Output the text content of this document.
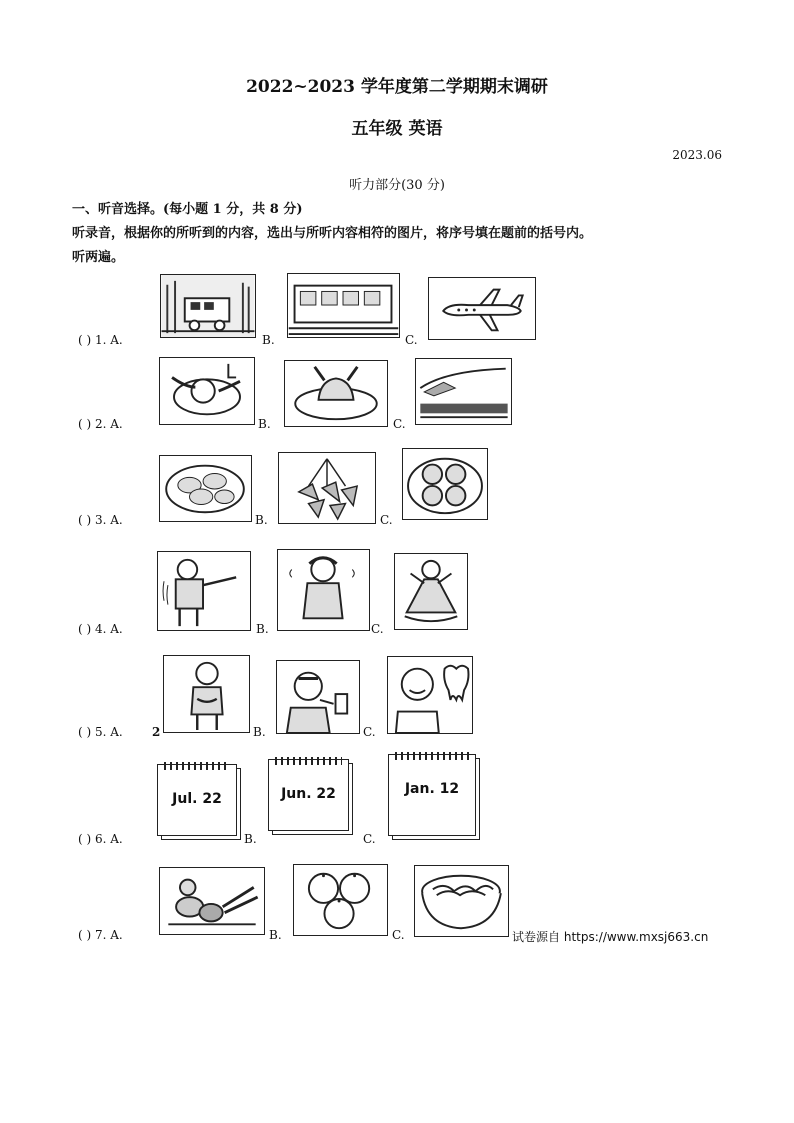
2022~2023 学年度第二学期期末调研
五年级 英语
2023.06
听力部分(30 分)
一、听音选择。(每小题 1 分，共 8 分)
听录音，根据你的所听到的内容，选出与所听内容相符的图片，将序号填在题前的括号内。
听两遍。
( ) 1. A.	B.	C.
( ) 2. A.	B.	C.
( ) 3. A.	B.	C.
( ) 4. A.	B.	C.
( ) 5. A. 2	B.	C.
( ) 6. A.
Jul. 22
B.
Jun. 22
C.
Jan. 12
( ) 7. A.	B.	C.	试卷源自 https://www.mxsj663.cn
